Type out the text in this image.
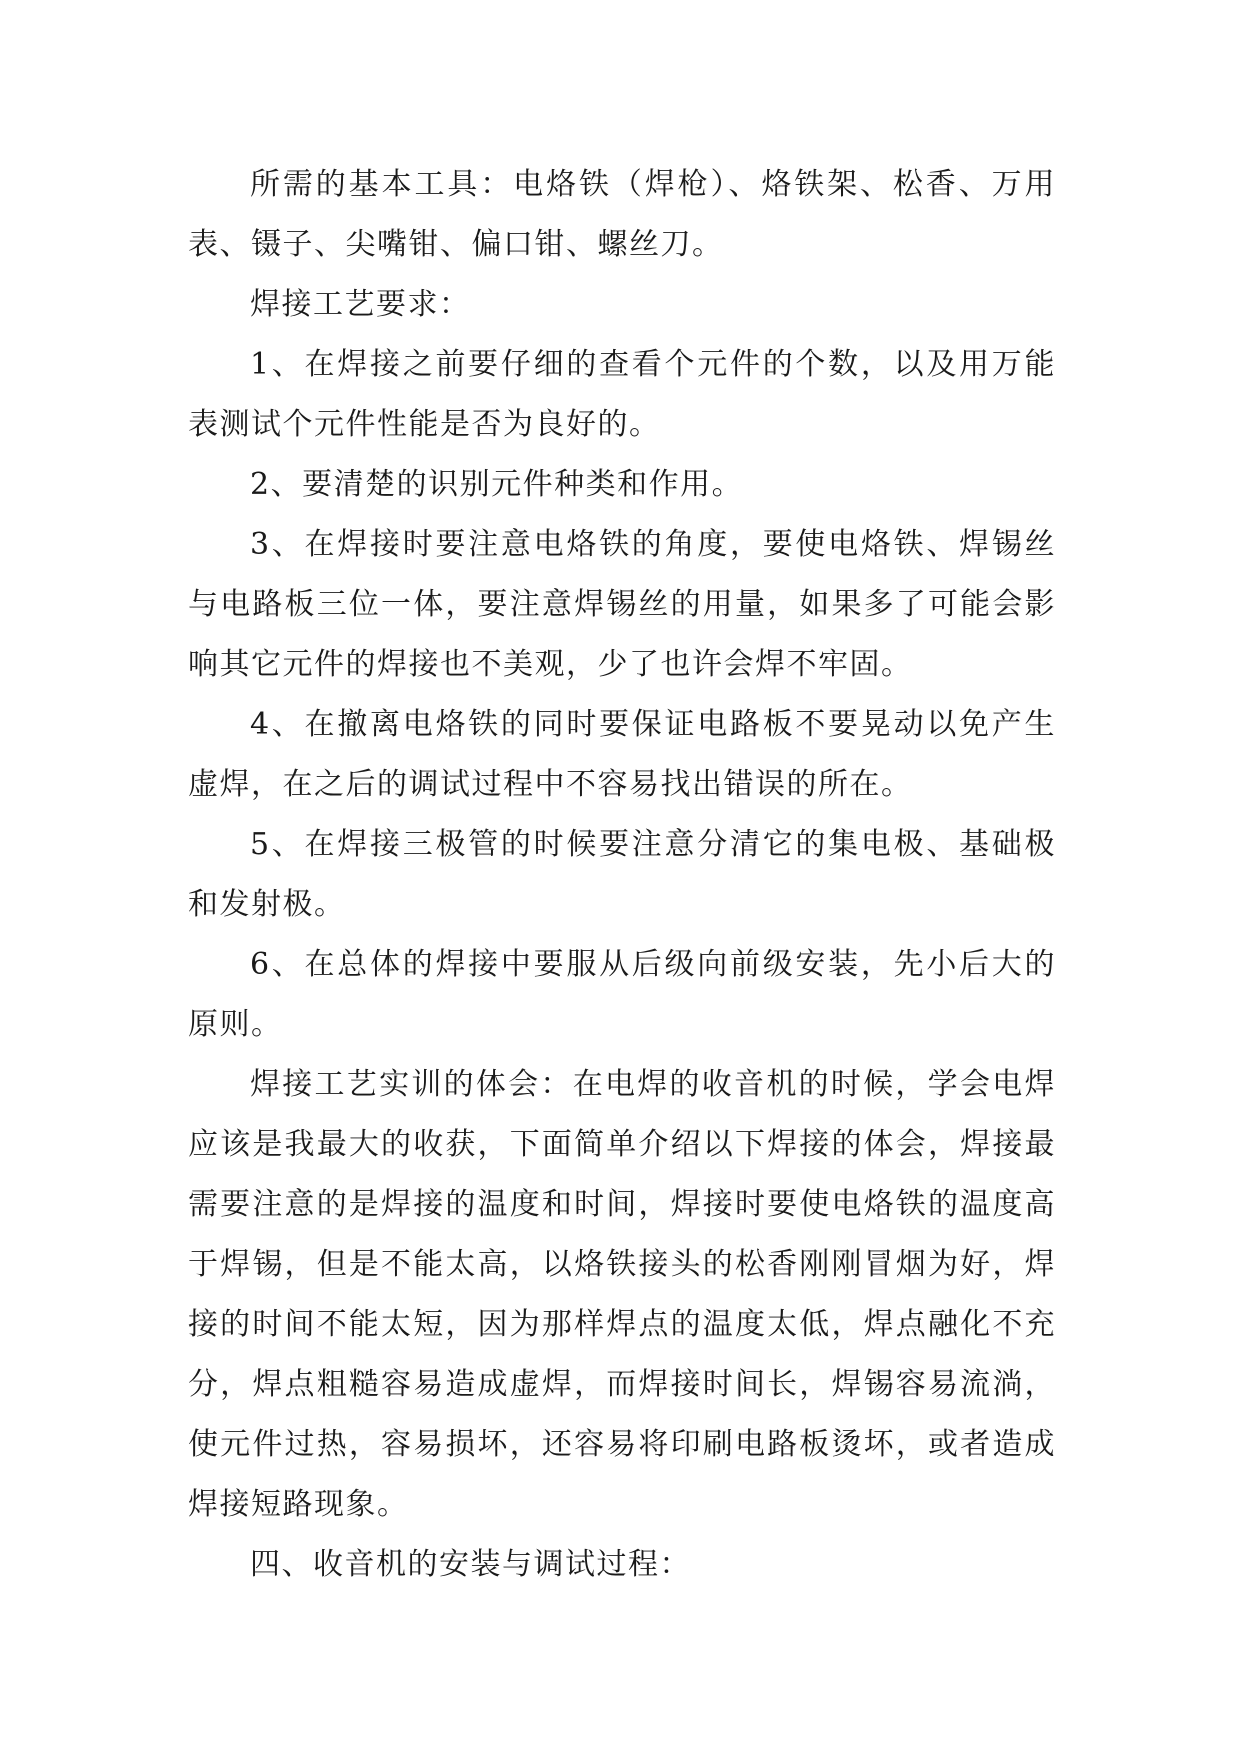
所需的基本工具：电烙铁（焊枪）、烙铁架、松香、万用表、镊子、尖嘴钳、偏口钳、螺丝刀。

焊接工艺要求：

1、在焊接之前要仔细的查看个元件的个数，以及用万能表测试个元件性能是否为良好的。

2、要清楚的识别元件种类和作用。

3、在焊接时要注意电烙铁的角度，要使电烙铁、焊锡丝与电路板三位一体，要注意焊锡丝的用量，如果多了可能会影响其它元件的焊接也不美观，少了也许会焊不牢固。

4、在撤离电烙铁的同时要保证电路板不要晃动以免产生虚焊，在之后的调试过程中不容易找出错误的所在。

5、在焊接三极管的时候要注意分清它的集电极、基础极和发射极。

6、在总体的焊接中要服从后级向前级安装，先小后大的原则。

焊接工艺实训的体会：在电焊的收音机的时候，学会电焊应该是我最大的收获，下面简单介绍以下焊接的体会，焊接最需要注意的是焊接的温度和时间，焊接时要使电烙铁的温度高于焊锡，但是不能太高，以烙铁接头的松香刚刚冒烟为好，焊接的时间不能太短，因为那样焊点的温度太低，焊点融化不充分，焊点粗糙容易造成虚焊，而焊接时间长，焊锡容易流淌，使元件过热，容易损坏，还容易将印刷电路板烫坏，或者造成焊接短路现象。

四、收音机的安装与调试过程：
